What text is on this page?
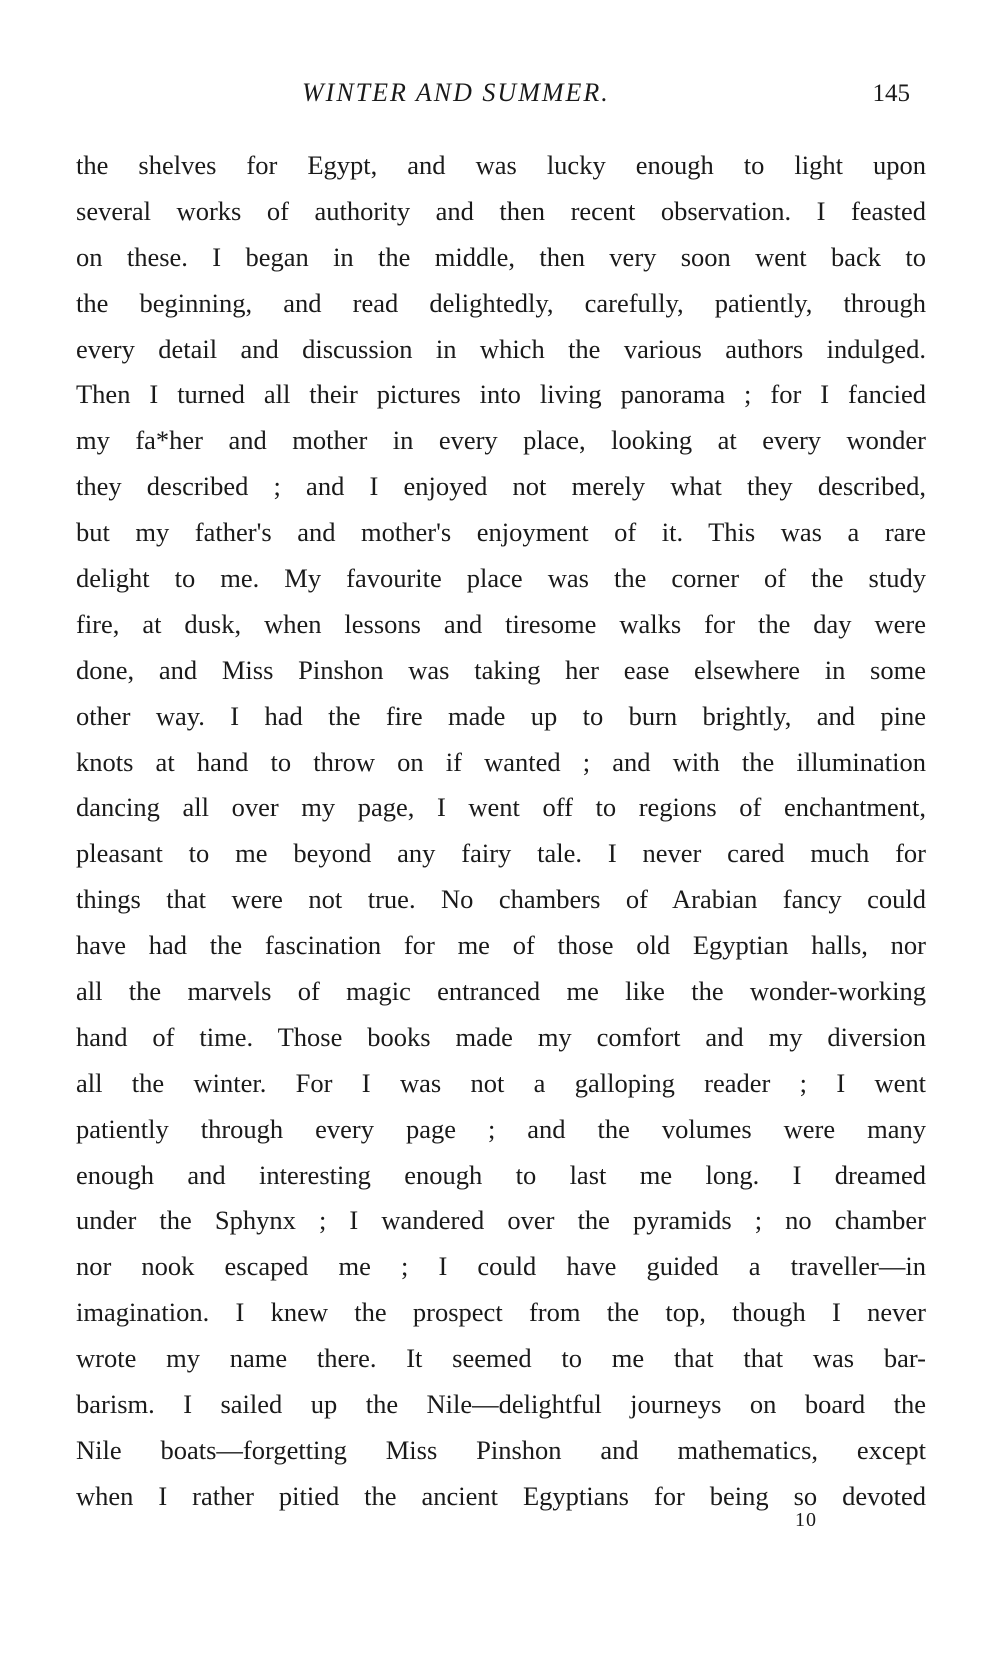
WINTER AND SUMMER.	145
the shelves for Egypt, and was lucky enough to light upon
several works of authority and then recent observation. I feasted
on these. I began in the middle, then very soon went back to
the beginning, and read delightedly, carefully, patiently, through
every detail and discussion in which the various authors indulged.
Then I turned all their pictures into living panorama ; for I fancied
my fa*her and mother in every place, looking at every wonder
they described ; and I enjoyed not merely what they described,
but my father's and mother's enjoyment of it. This was a rare
delight to me. My favourite place was the corner of the study
fire, at dusk, when lessons and tiresome walks for the day were
done, and Miss Pinshon was taking her ease elsewhere in some
other way. I had the fire made up to burn brightly, and pine
knots at hand to throw on if wanted ; and with the illumination
dancing all over my page, I went off to regions of enchantment,
pleasant to me beyond any fairy tale. I never cared much for
things that were not true. No chambers of Arabian fancy could
have had the fascination for me of those old Egyptian halls, nor
all the marvels of magic entranced me like the wonder-working
hand of time. Those books made my comfort and my diversion
all the winter. For I was not a galloping reader ; I went
patiently through every page ; and the volumes were many
enough and interesting enough to last me long. I dreamed
under the Sphynx ; I wandered over the pyramids ; no chamber
nor nook escaped me ; I could have guided a traveller—in
imagination. I knew the prospect from the top, though I never
wrote my name there. It seemed to me that that was bar-
barism. I sailed up the Nile—delightful journeys on board the
Nile boats—forgetting Miss Pinshon and mathematics, except
when I rather pitied the ancient Egyptians for being so devoted
10
